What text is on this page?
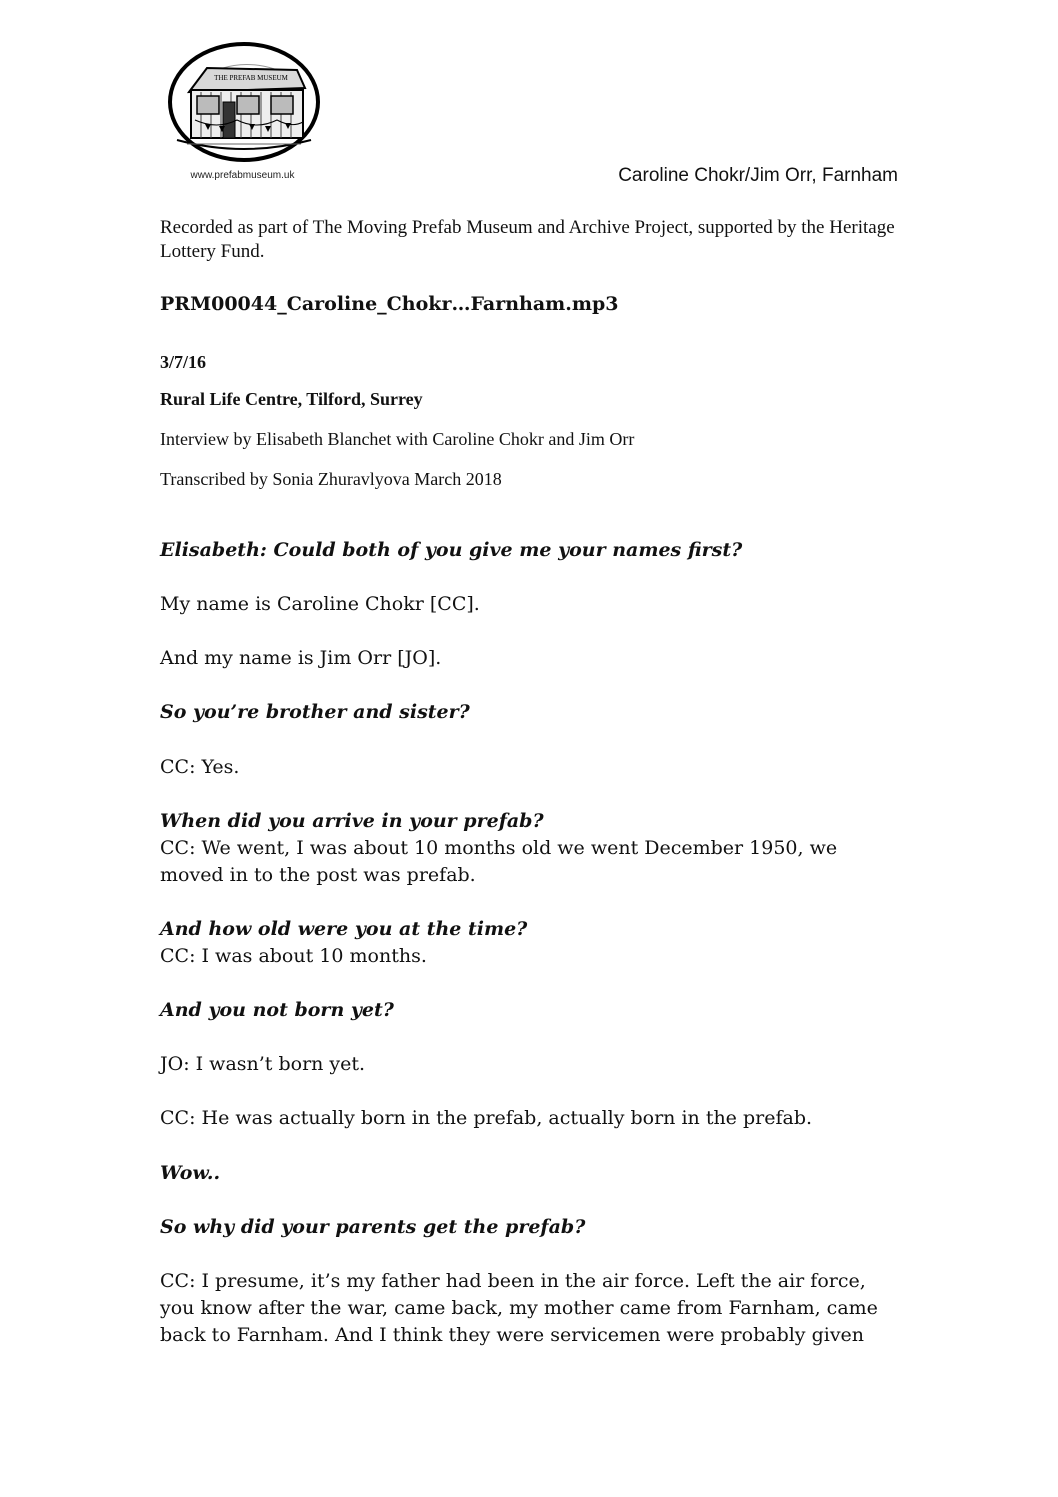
THE PREFAB MUSEUM
www.prefabmuseum.uk	Caroline Chokr/Jim Orr, Farnham
Recorded as part of The Moving Prefab Museum and Archive Project, supported by the Heritage Lottery Fund.
PRM00044_Caroline_Chokr…Farnham.mp3
3/7/16
Rural Life Centre, Tilford, Surrey
Interview by Elisabeth Blanchet with Caroline Chokr and Jim Orr
Transcribed by Sonia Zhuravlyova March 2018
Elisabeth: Could both of you give me your names first?
My name is Caroline Chokr [CC].
And my name is Jim Orr [JO].
So you’re brother and sister?
CC: Yes.
When did you arrive in your prefab?
CC: We went, I was about 10 months old we went December 1950, we moved in to the post was prefab.
And how old were you at the time?
CC: I was about 10 months.
And you not born yet?
JO: I wasn’t born yet.
CC: He was actually born in the prefab, actually born in the prefab.
Wow..
So why did your parents get the prefab?
CC: I presume, it’s my father had been in the air force. Left the air force, you know after the war, came back, my mother came from Farnham, came back to Farnham. And I think they were servicemen were probably given
